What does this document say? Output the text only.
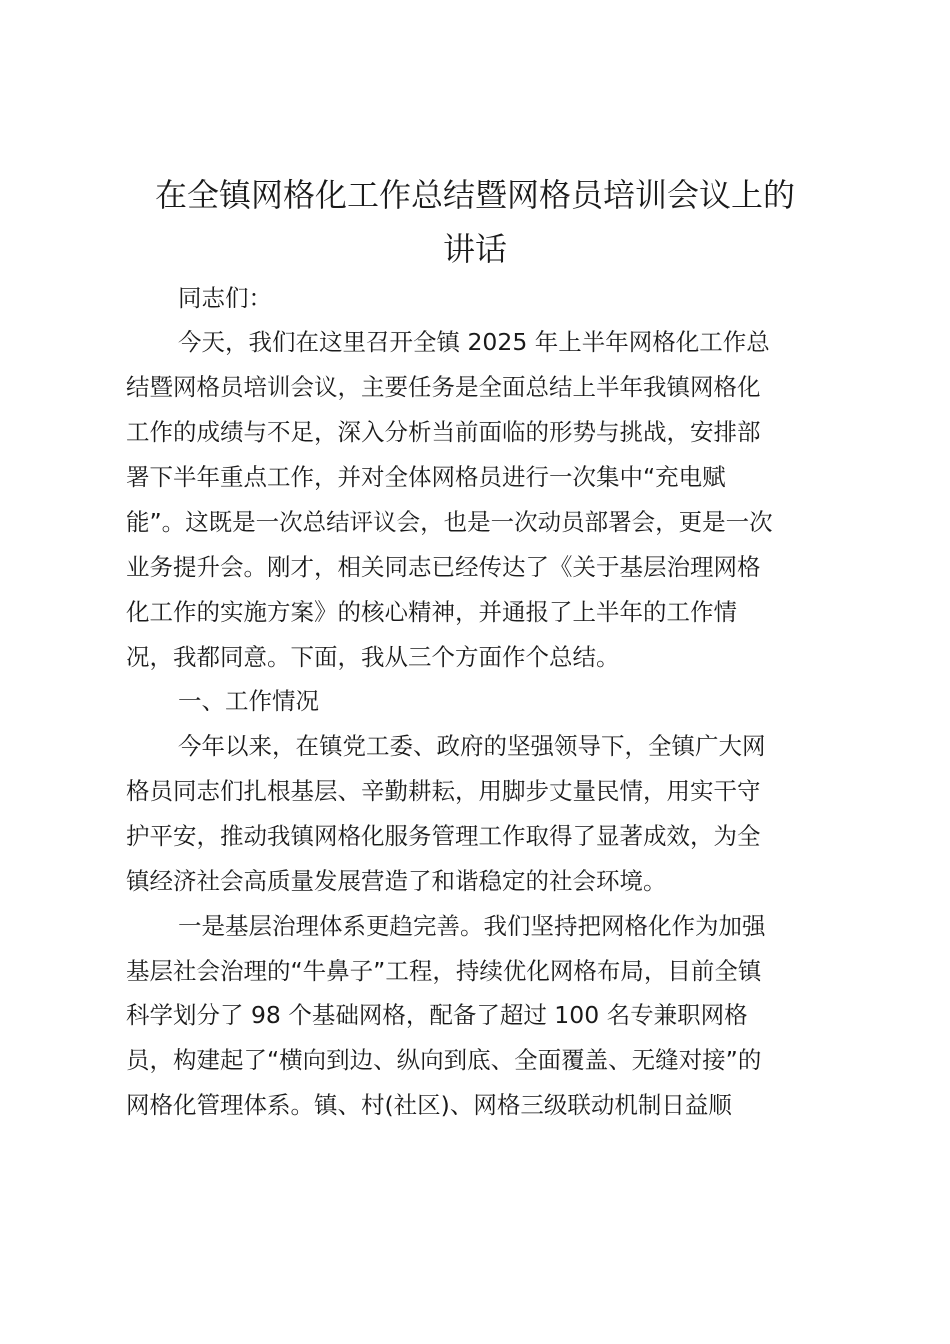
在全镇网格化工作总结暨网格员培训会议上的
讲话

同志们：

今天，我们在这里召开全镇 2025 年上半年网格化工作总

结暨网格员培训会议，主要任务是全面总结上半年我镇网格化

工作的成绩与不足，深入分析当前面临的形势与挑战，安排部

署下半年重点工作，并对全体网格员进行一次集中“充电赋

能”。这既是一次总结评议会，也是一次动员部署会，更是一次

业务提升会。刚才，相关同志已经传达了《关于基层治理网格

化工作的实施方案》的核心精神，并通报了上半年的工作情

况，我都同意。下面，我从三个方面作个总结。

一、工作情况

今年以来，在镇党工委、政府的坚强领导下，全镇广大网

格员同志们扎根基层、辛勤耕耘，用脚步丈量民情，用实干守

护平安，推动我镇网格化服务管理工作取得了显著成效，为全

镇经济社会高质量发展营造了和谐稳定的社会环境。

一是基层治理体系更趋完善。我们坚持把网格化作为加强

基层社会治理的“牛鼻子”工程，持续优化网格布局，目前全镇

科学划分了 98 个基础网格，配备了超过 100 名专兼职网格

员，构建起了“横向到边、纵向到底、全面覆盖、无缝对接”的

网格化管理体系。镇、村(社区)、网格三级联动机制日益顺
